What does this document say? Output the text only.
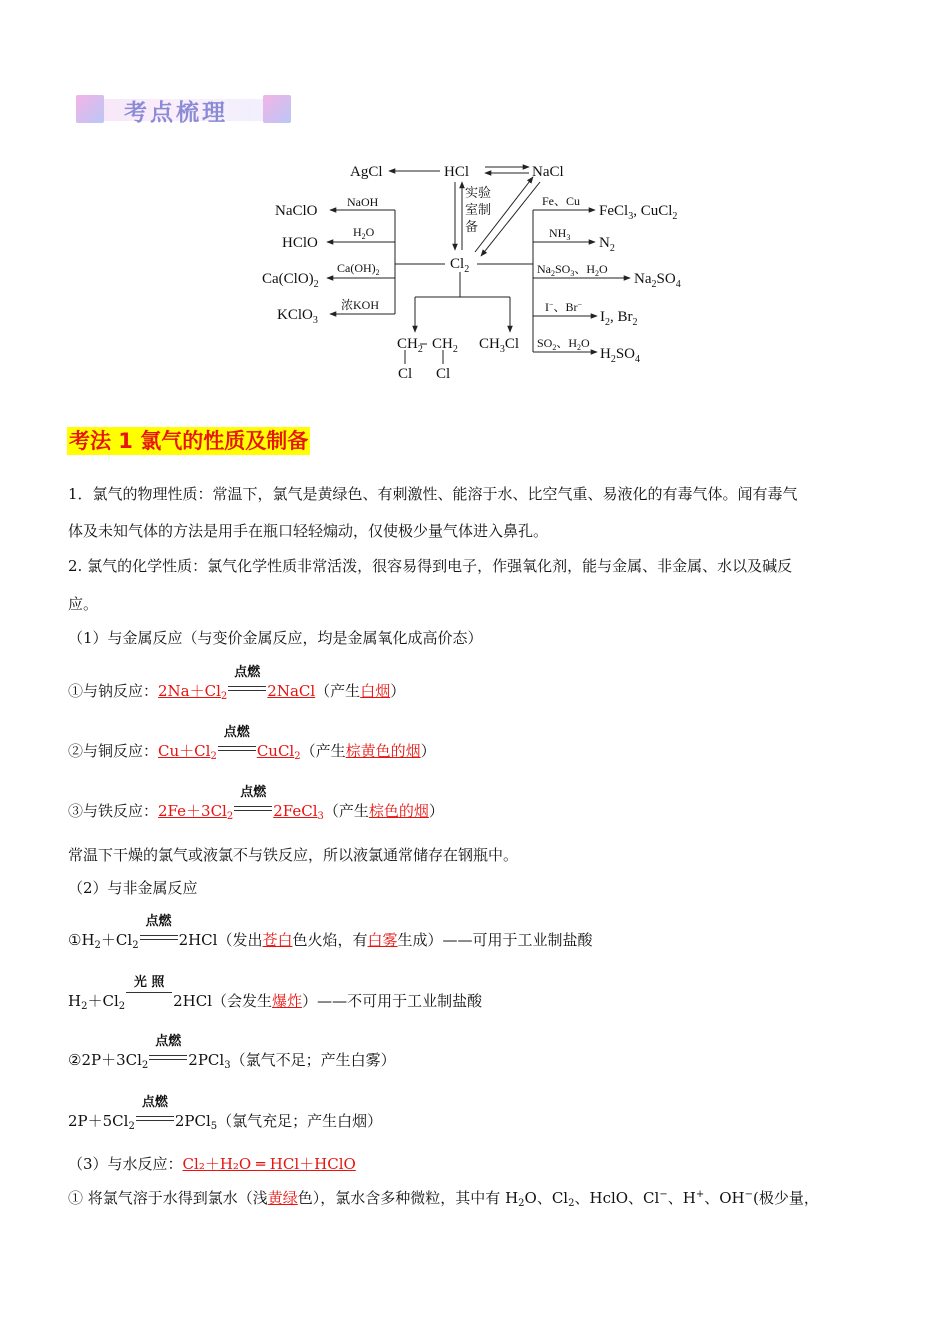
考点梳理
AgCl	HCl	NaCl
$Cl_2$
NaClO
HClO
$Ca(ClO)_2$
KClO$_3$
FeCl$_3$, CuCl$_2$
$N_2$
$Na_2SO_4$
$I_2$, $Br_2$
$H_2SO_4$
$CH_2$ $CH_2$
Cl Cl
$CH_3Cl$
NaOH
$H_2O$
$Ca(OH)_2$
浓KOH
Fe、Cu
$NH_3$
$Na_2SO_3$、$H_2O$
I−、Br−
$SO_2$、$H_2O$
实验
室制
备
考法 1 氯气的性质及制备
1．氯气的物理性质：常温下，氯气是黄绿色、有刺激性、能溶于水、比空气重、易液化的有毒气体。闻有毒气
体及未知气体的方法是用手在瓶口轻轻煽动，仅使极少量气体进入鼻孔。
2. 氯气的化学性质：氯气化学性质非常活泼，很容易得到电子，作强氧化剂，能与金属、非金属、水以及碱反
应。
（1）与金属反应（与变价金属反应，均是金属氧化成高价态）
①与钠反应：$2Na+Cl_2$
点燃
2NaCl（产生白烟）
②与铜反应：$Cu+Cl_2$
点燃
CuCl$_2$（产生棕黄色的烟）
③与铁反应：$2Fe+3Cl_2$
点燃
2FeCl$_3$（产生棕色的烟）
常温下干燥的氯气或液氯不与铁反应，所以液氯通常储存在钢瓶中。
（2）与非金属反应
$①H_2+Cl_2$
点燃
2HCl（发出苍白色火焰，有白雾生成）——可用于工业制盐酸
$H_2+Cl_2$
光 照
2HCl（会发生爆炸）——不可用于工业制盐酸
$②2P+3Cl_2$
点燃
2PCl$_3$（氯气不足；产生白雾）
$2P+5Cl_2$
点燃
2PCl$_5$（氯气充足；产生白烟）
（3）与水反应：Cl₂＋H₂O ═ HCl＋HClO
① 将氯气溶于水得到氯水（浅黄绿色），氯水含多种微粒，其中有 $H_2O$、$Cl_2$、HclO、Cl−、H+、OH−(极少量，
